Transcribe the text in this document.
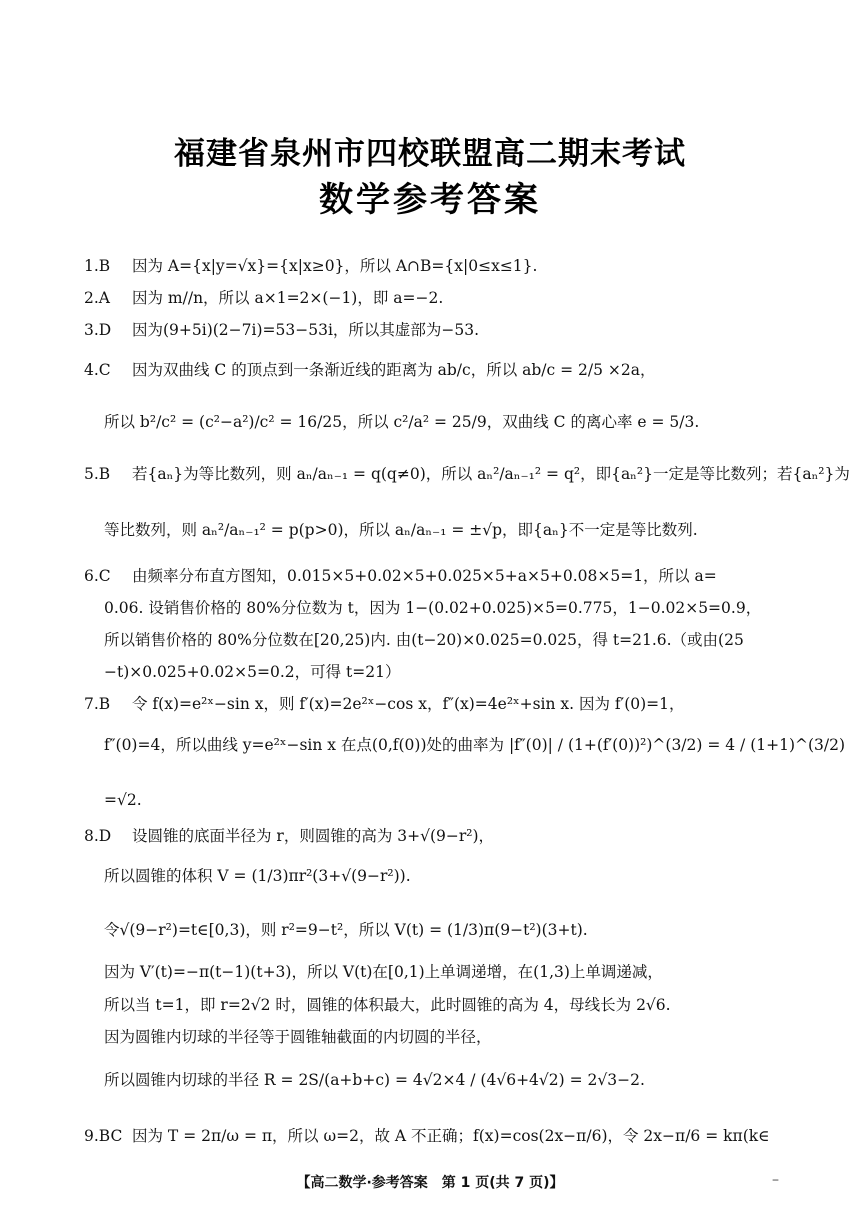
福建省泉州市四校联盟高二期末考试
数学参考答案
1.B 因为 A={x|y=√x}={x|x≥0}，所以 A∩B={x|0≤x≤1}.
2.A 因为 m//n，所以 a×1=2×(−1)，即 a=−2.
3.D 因为(9+5i)(2−7i)=53−53i，所以其虚部为−53.
4.C 因为双曲线 C 的顶点到一条渐近线的距离为 ab/c，所以 ab/c = 2/5 ×2a，
所以 b²/c² = (c²−a²)/c² = 16/25，所以 c²/a² = 25/9，双曲线 C 的离心率 e = 5/3.
5.B 若{aₙ}为等比数列，则 aₙ/aₙ₋₁ = q(q≠0)，所以 aₙ²/aₙ₋₁² = q²，即{aₙ²}一定是等比数列；若{aₙ²}为
等比数列，则 aₙ²/aₙ₋₁² = p(p>0)，所以 aₙ/aₙ₋₁ = ±√p，即{aₙ}不一定是等比数列.
6.C 由频率分布直方图知，0.015×5+0.02×5+0.025×5+a×5+0.08×5=1，所以 a=
0.06. 设销售价格的 80%分位数为 t，因为 1−(0.02+0.025)×5=0.775，1−0.02×5=0.9，
所以销售价格的 80%分位数在[20,25)内. 由(t−20)×0.025=0.025，得 t=21.6.（或由(25
−t)×0.025+0.02×5=0.2，可得 t=21）
7.B 令 f(x)=e²ˣ−sin x，则 f′(x)=2e²ˣ−cos x，f″(x)=4e²ˣ+sin x. 因为 f′(0)=1，
f″(0)=4，所以曲线 y=e²ˣ−sin x 在点(0,f(0))处的曲率为 |f″(0)| / (1+(f′(0))²)^(3/2) = 4 / (1+1)^(3/2)
=√2.
8.D 设圆锥的底面半径为 r，则圆锥的高为 3+√(9−r²)，
所以圆锥的体积 V = (1/3)πr²(3+√(9−r²)).
令√(9−r²)=t∈[0,3)，则 r²=9−t²，所以 V(t) = (1/3)π(9−t²)(3+t).
因为 V′(t)=−π(t−1)(t+3)，所以 V(t)在[0,1)上单调递增，在(1,3)上单调递减，
所以当 t=1，即 r=2√2 时，圆锥的体积最大，此时圆锥的高为 4，母线长为 2√6.
因为圆锥内切球的半径等于圆锥轴截面的内切圆的半径，
所以圆锥内切球的半径 R = 2S/(a+b+c) = 4√2×4 / (4√6+4√2) = 2√3−2.
9.BC 因为 T = 2π/ω = π，所以 ω=2，故 A 不正确；f(x)=cos(2x−π/6)，令 2x−π/6 = kπ(k∈
【高二数学·参考答案　第 1 页(共 7 页)】	–
